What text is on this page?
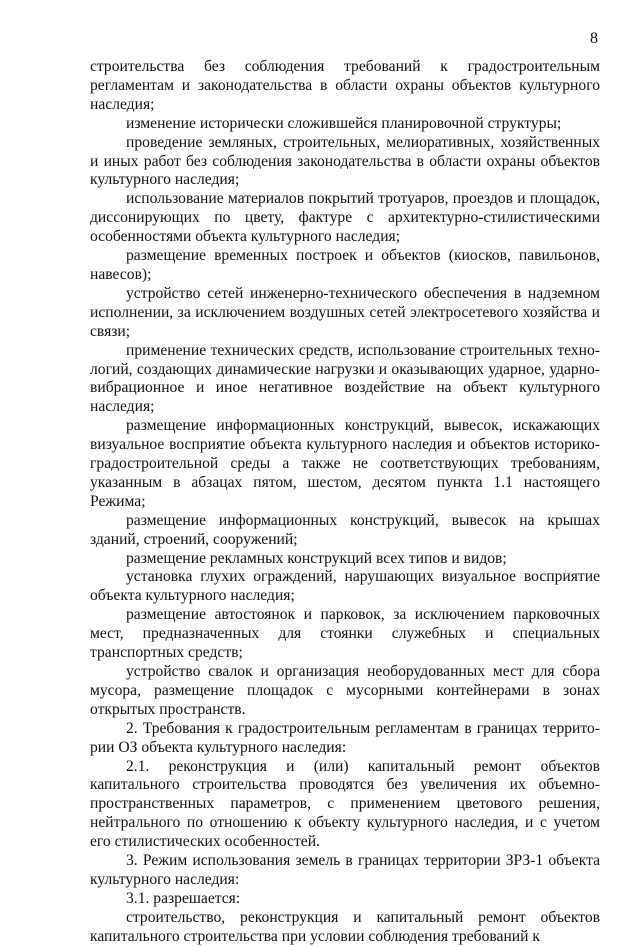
8

строительства без соблюдения требований к градостроительным регламентам и законодательства в области охраны объектов культурного наследия;

изменение исторически сложившейся планировочной структуры;

проведение земляных, строительных, мелиоративных, хозяйственных и иных работ без соблюдения законодательства в области охраны объектов культурного наследия;

использование материалов покрытий тротуаров, проездов и площадок, диссонирующих по цвету, фактуре с архитектурно-стилистическими особенностями объекта культурного наследия;

размещение временных построек и объектов (киосков, павильонов, навесов);

устройство сетей инженерно-технического обеспечения в надземном исполнении, за исключением воздушных сетей электросетевого хозяйства и связи;

применение технических средств, использование строительных техно-логий, создающих динамические нагрузки и оказывающих ударное, ударно-вибрационное и иное негативное воздействие на объект культурного наследия;

размещение информационных конструкций, вывесок, искажающих визуальное восприятие объекта культурного наследия и объектов историко-градостроительной среды а также не соответствующих требованиям, указанным в абзацах пятом, шестом, десятом пункта 1.1 настоящего Режима;

размещение информационных конструкций, вывесок на крышах зданий, строений, сооружений;

размещение рекламных конструкций всех типов и видов;

установка глухих ограждений, нарушающих визуальное восприятие объекта культурного наследия;

размещение автостоянок и парковок, за исключением парковочных мест, предназначенных для стоянки служебных и специальных транспортных средств;

устройство свалок и организация необорудованных мест для сбора мусора, размещение площадок с мусорными контейнерами в зонах открытых пространств.

2. Требования к градостроительным регламентам в границах террито-рии ОЗ объекта культурного наследия:

2.1. реконструкция и (или) капитальный ремонт объектов капитального строительства проводятся без увеличения их объемно-пространственных параметров, с применением цветового решения, нейтрального по отношению к объекту культурного наследия, и с учетом его стилистических особенностей.

3. Режим использования земель в границах территории ЗРЗ-1 объекта культурного наследия:

3.1. разрешается:

строительство, реконструкция и капитальный ремонт объектов капитального строительства при условии соблюдения требований к
